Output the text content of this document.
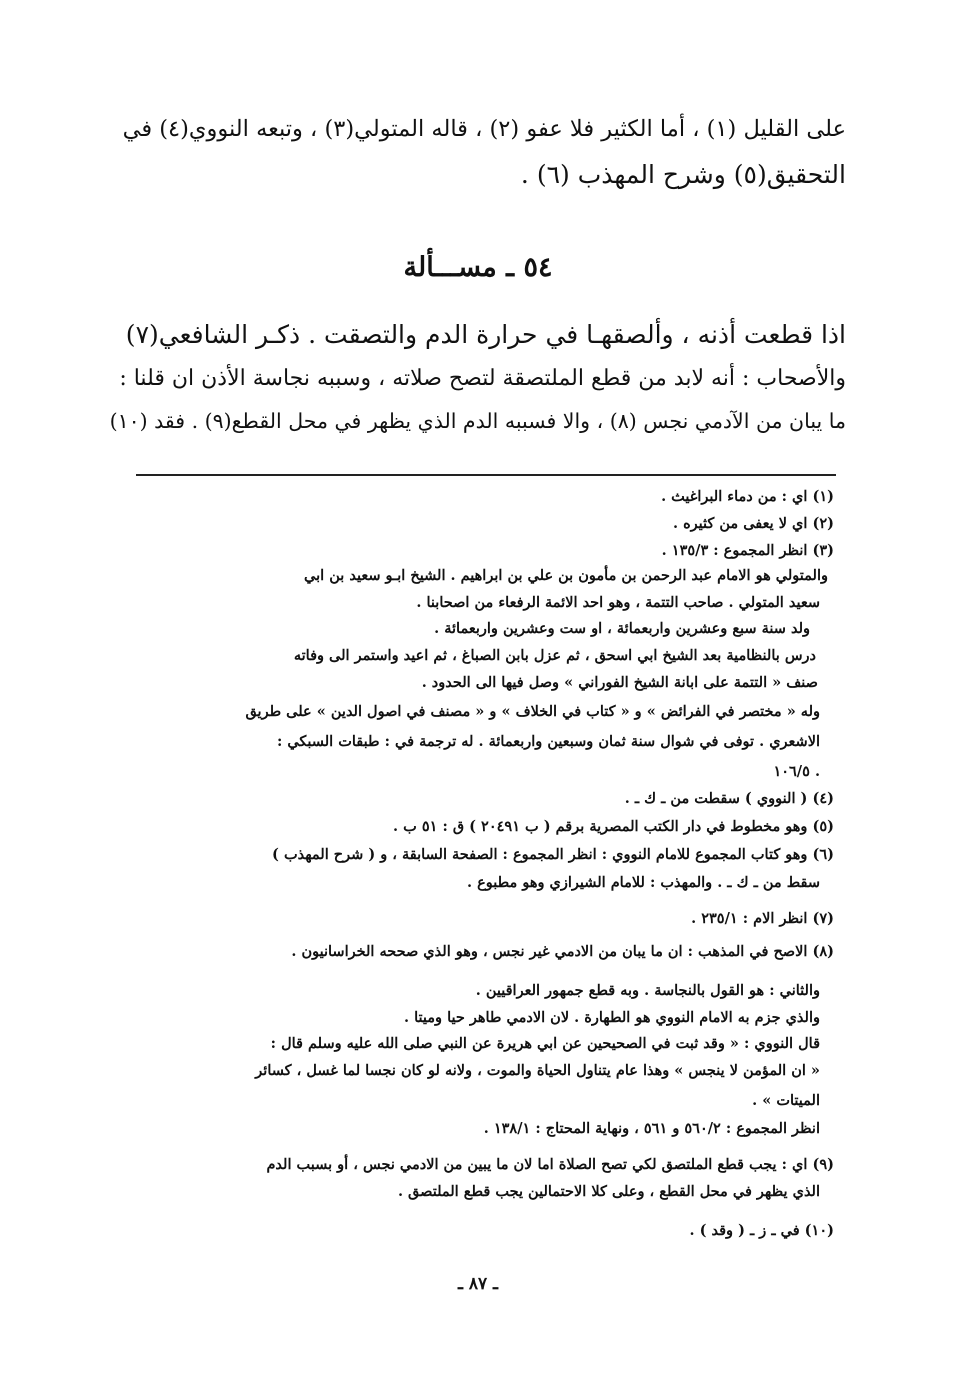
على القليل (١) ، أما الكثير فلا عفو (٢) ، قاله المتولي(٣) ، وتبعه النووي(٤) في
التحقيق(٥) وشرح المهذب (٦) .
٥٤ ـ مســـألة
اذا قطعت أذنه ، وألصقهـا في حرارة الدم والتصقت . ذكـر الشافعي(٧)
والأصحاب : أنه لابد من قطع الملتصقة لتصح صلاته ، وسببه نجاسة الأذن ان قلنا :
ما يبان من الآدمي نجس (٨) ، والا فسببه الدم الذي يظهر في محل القطع(٩) . فقد (١٠)
(١) اي : من دماء البراغيث .
(٢) اي لا يعفى من كثيره .
(٣) انظر المجموع : ١٣٥/٣ .
والمتولي هو الامام عبد الرحمن بن مأمون بن علي بن ابراهيم . الشيخ ابـو سعيد بن ابي
سعيد المتولي . صاحب التتمة ، وهو احد الائمة الرفعاء من اصحابنا .
ولد سنة سبع وعشرين واربعمائة ، او ست وعشرين واربعمائة .
درس بالنظامية بعد الشيخ ابي اسحق ، ثم عزل بابن الصباغ ، ثم اعيد واستمر الى وفاته
صنف « التتمة على ابانة الشيخ الفوراني » وصل فيها الى الحدود .
وله « مختصر في الفرائض » و « كتاب في الخلاف » و « مصنف في اصول الدين » على طريق
الاشعري . توفى في شوال سنة ثمان وسبعين واربعمائة . له ترجمة في : طبقات السبكي :
. ١٠٦/٥
(٤) ( النووي ) سقطت من ـ ك ـ .
(٥) وهو مخطوط في دار الكتب المصرية برقم ( ب ٢٠٤٩١ ) ق : ٥١ ب .
(٦) وهو كتاب المجموع للامام النووي : انظر المجموع : الصفحة السابقة ، و ( شرح المهذب )
سقط من ـ ك ـ . والمهذب : للامام الشيرازي وهو مطبوع .
(٧) انظر الام : ٢٣٥/١ .
(٨) الاصح في المذهب : ان ما يبان من الادمي غير نجس ، وهو الذي صححه الخراسانيون .
والثاني : هو القول بالنجاسة . وبه قطع جمهور العراقيين .
والذي جزم به الامام النووي هو الطهارة . لان الادمي طاهر حيا وميتا .
قال النووي : « وقد ثبت في الصحيحين عن ابي هريرة عن النبي صلى الله عليه وسلم قال :
« ان المؤمن لا ينجس » وهذا عام يتناول الحياة والموت ، ولانه لو كان نجسا لما غسل ، كسائر
الميتات » .
انظر المجموع : ٥٦٠/٢ و ٥٦١ ، ونهاية المحتاج : ١٣٨/١ .
(٩) اي : يجب قطع الملتصق لكي تصح الصلاة اما لان ما يبين من الادمي نجس ، أو بسبب الدم
الذي يظهر في محل القطع ، وعلى كلا الاحتمالين يجب قطع الملتصق .
(١٠) في ـ ز ـ ( وقد ) .
ـ ٨٧ ـ
